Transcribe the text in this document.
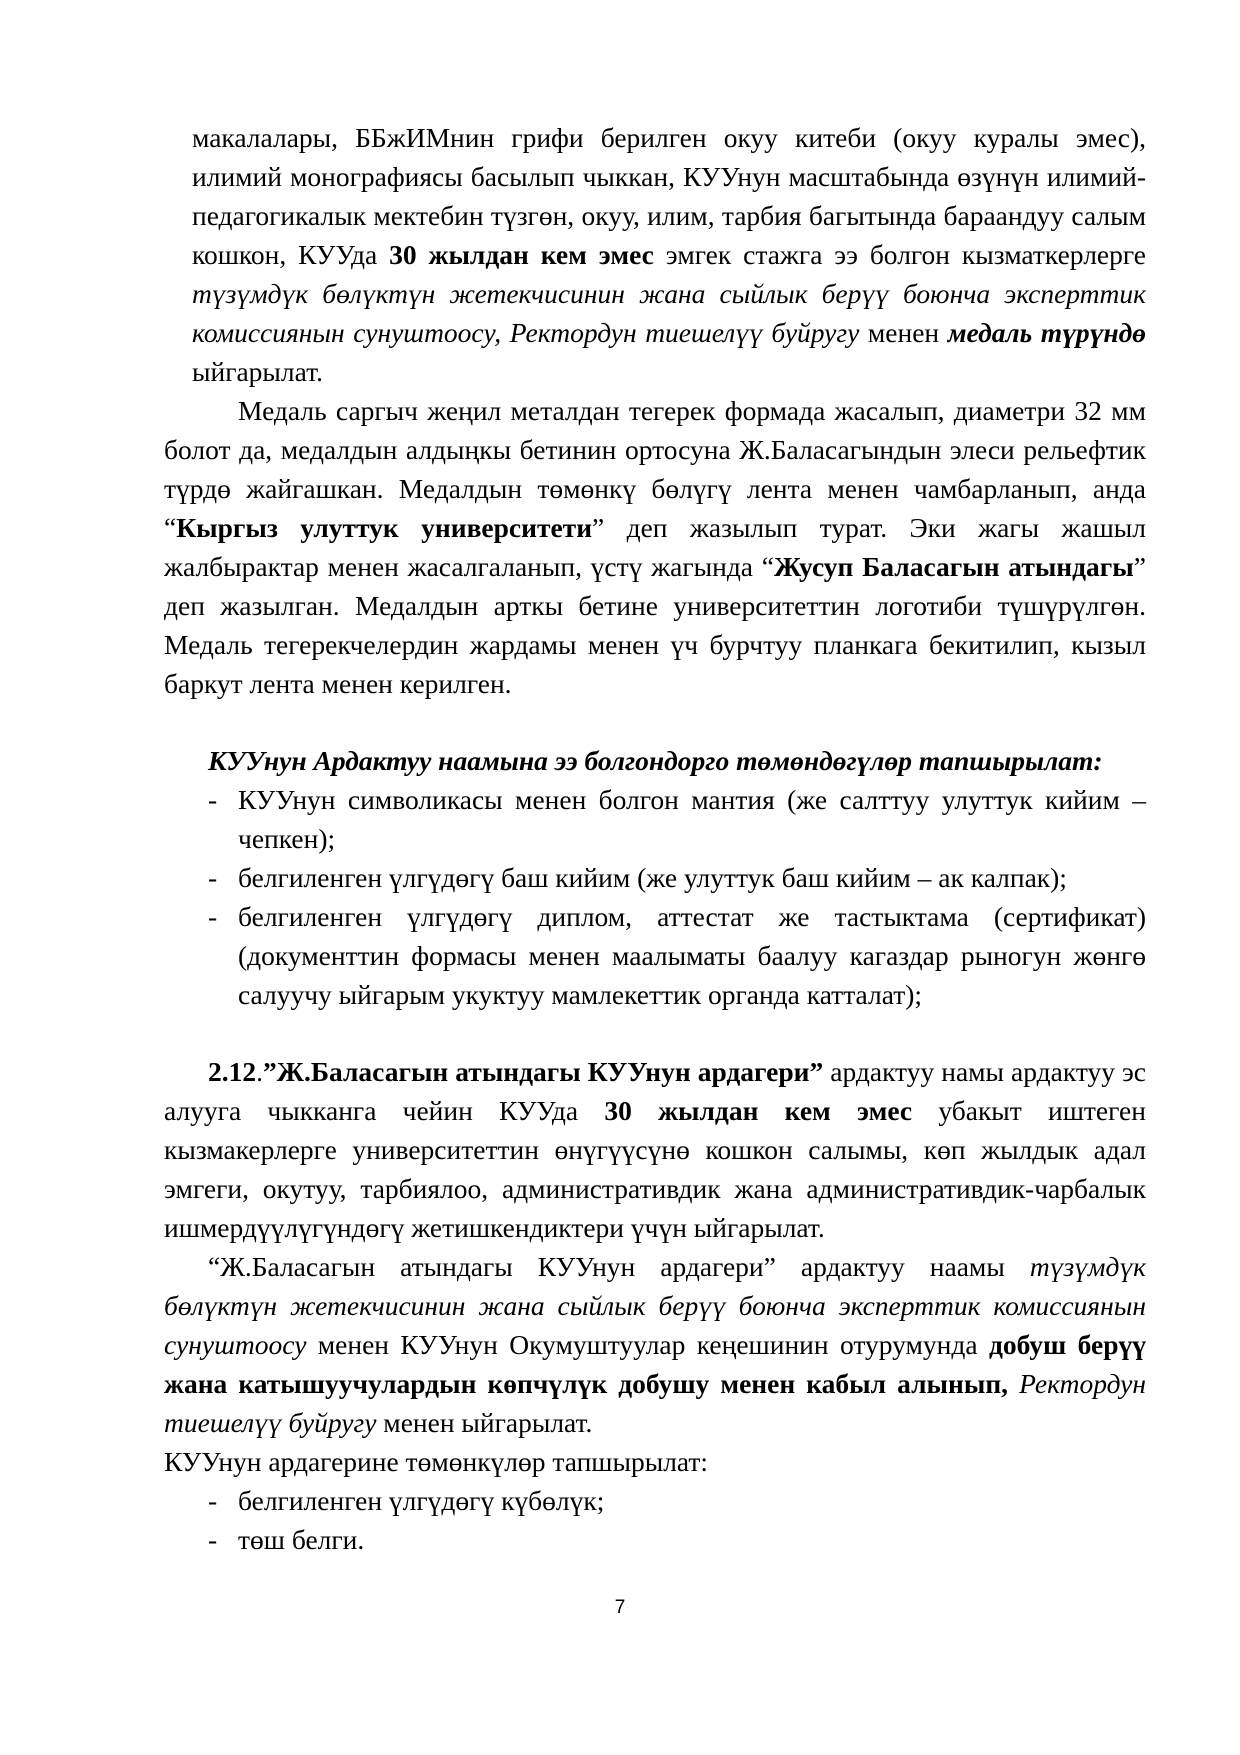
макалалары, ББжИМнин грифи берилген окуу китеби (окуу куралы эмес), илимий монографиясы басылып чыккан, КУУнун масштабында өзүнүн илимий-педагогикалык мектебин түзгөн, окуу, илим, тарбия багытында бараандуу салым кошкон, КУУда 30 жылдан кем эмес эмгек стажга ээ болгон кызматкерлерге түзүмдүк бөлүктүн жетекчисинин жана сыйлык берүү боюнча эксперттик комиссиянын сунуштоосу, Ректордун тиешелүү буйругу менен медаль түрүндө ыйгарылат.

Медаль саргыч жеңил металдан тегерек формада жасалып, диаметри 32 мм болот да, медалдын алдыңкы бетинин ортосуна Ж.Баласагындын элеси рельефтик түрдө жайгашкан. Медалдын төмөнкү бөлүгү лента менен чамбарланып, анда “Кыргыз улуттук университети” деп жазылып турат. Эки жагы жашыл жалбырактар менен жасалгаланып, үстү жагында “Жусуп Баласагын атындагы” деп жазылган. Медалдын арткы бетине университеттин логотиби түшүрүлгөн. Медаль тегерекчелердин жардамы менен үч бурчтуу планкага бекитилип, кызыл баркут лента менен керилген.

КУУнун Ардактуу наамына ээ болгондорго төмөндөгүлөр тапшырылат:

- КУУнун символикасы менен болгон мантия (же салттуу улуттук кийим – чепкен);
- белгиленген үлгүдөгү баш кийим (же улуттук баш кийим – ак калпак);
- белгиленген үлгүдөгү диплом, аттестат же тастыктама (сертификат) (документтин формасы менен маалыматы баалуу кагаздар рыногун жөнгө салуучу ыйгарым укуктуу мамлекеттик органда катталат);

2.12.”Ж.Баласагын атындагы КУУнун ардагери” ардактуу намы ардактуу эс алууга чыкканга чейин КУУда 30 жылдан кем эмес убакыт иштеген кызмакерлерге университеттин өнүгүүсүнө кошкон салымы, көп жылдык адал эмгеги, окутуу, тарбиялоо, административдик жана административдик-чарбалык ишмердүүлүгүндөгү жетишкендиктери үчүн ыйгарылат.

“Ж.Баласагын атындагы КУУнун ардагери” ардактуу наамы түзүмдүк бөлүктүн жетекчисинин жана сыйлык берүү боюнча эксперттик комиссиянын сунуштоосу менен КУУнун Окумуштуулар кеңешинин отурумунда добуш берүү жана катышуучулардын көпчүлүк добушу менен кабыл алынып, Ректордун тиешелүү буйругу менен ыйгарылат.

КУУнун ардагерине төмөнкүлөр тапшырылат:

- белгиленген үлгүдөгү күбөлүк;
- төш белги.
7
